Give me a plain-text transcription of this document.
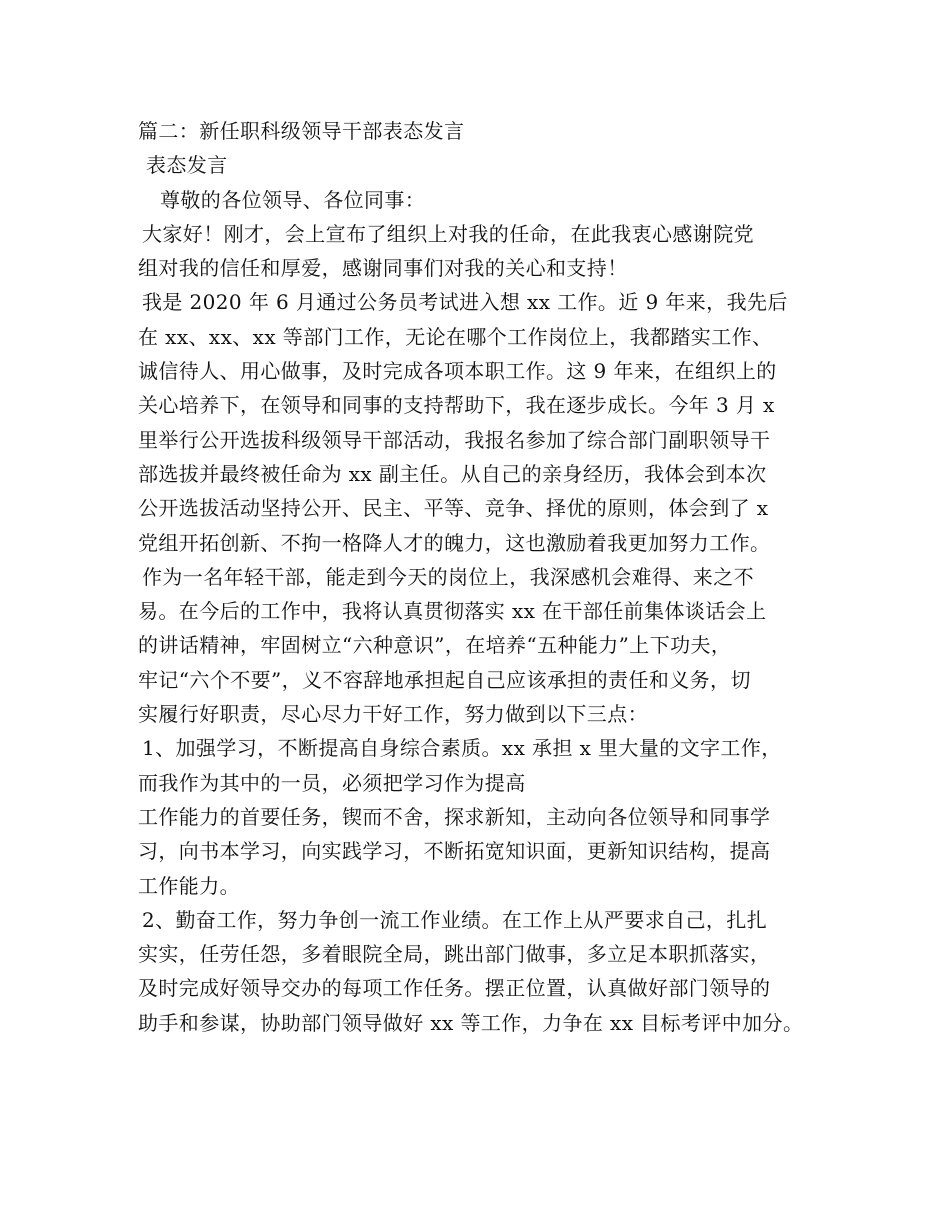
篇二：新任职科级领导干部表态发言
表态发言
尊敬的各位领导、各位同事：
大家好！刚才，会上宣布了组织上对我的任命，在此我衷心感谢院党
组对我的信任和厚爱，感谢同事们对我的关心和支持！
我是 2020 年 6 月通过公务员考试进入想 xx 工作。近 9 年来，我先后
在 xx、xx、xx 等部门工作，无论在哪个工作岗位上，我都踏实工作、
诚信待人、用心做事，及时完成各项本职工作。这 9 年来，在组织上的
关心培养下，在领导和同事的支持帮助下，我在逐步成长。今年 3 月 x
里举行公开选拔科级领导干部活动，我报名参加了综合部门副职领导干
部选拔并最终被任命为 xx 副主任。从自己的亲身经历，我体会到本次
公开选拔活动坚持公开、民主、平等、竞争、择优的原则，体会到了 x
党组开拓创新、不拘一格降人才的魄力，这也激励着我更加努力工作。
作为一名年轻干部，能走到今天的岗位上，我深感机会难得、来之不
易。在今后的工作中，我将认真贯彻落实 xx 在干部任前集体谈话会上
的讲话精神，牢固树立“六种意识”，在培养“五种能力”上下功夫，
牢记“六个不要”，义不容辞地承担起自己应该承担的责任和义务，切
实履行好职责，尽心尽力干好工作，努力做到以下三点：
1、加强学习，不断提高自身综合素质。xx 承担 x 里大量的文字工作，
而我作为其中的一员，必须把学习作为提高
工作能力的首要任务，锲而不舍，探求新知，主动向各位领导和同事学
习，向书本学习，向实践学习，不断拓宽知识面，更新知识结构，提高
工作能力。
2、勤奋工作，努力争创一流工作业绩。在工作上从严要求自己，扎扎
实实，任劳任怨，多着眼院全局，跳出部门做事，多立足本职抓落实，
及时完成好领导交办的每项工作任务。摆正位置，认真做好部门领导的
助手和参谋，协助部门领导做好 xx 等工作，力争在 xx 目标考评中加分。
